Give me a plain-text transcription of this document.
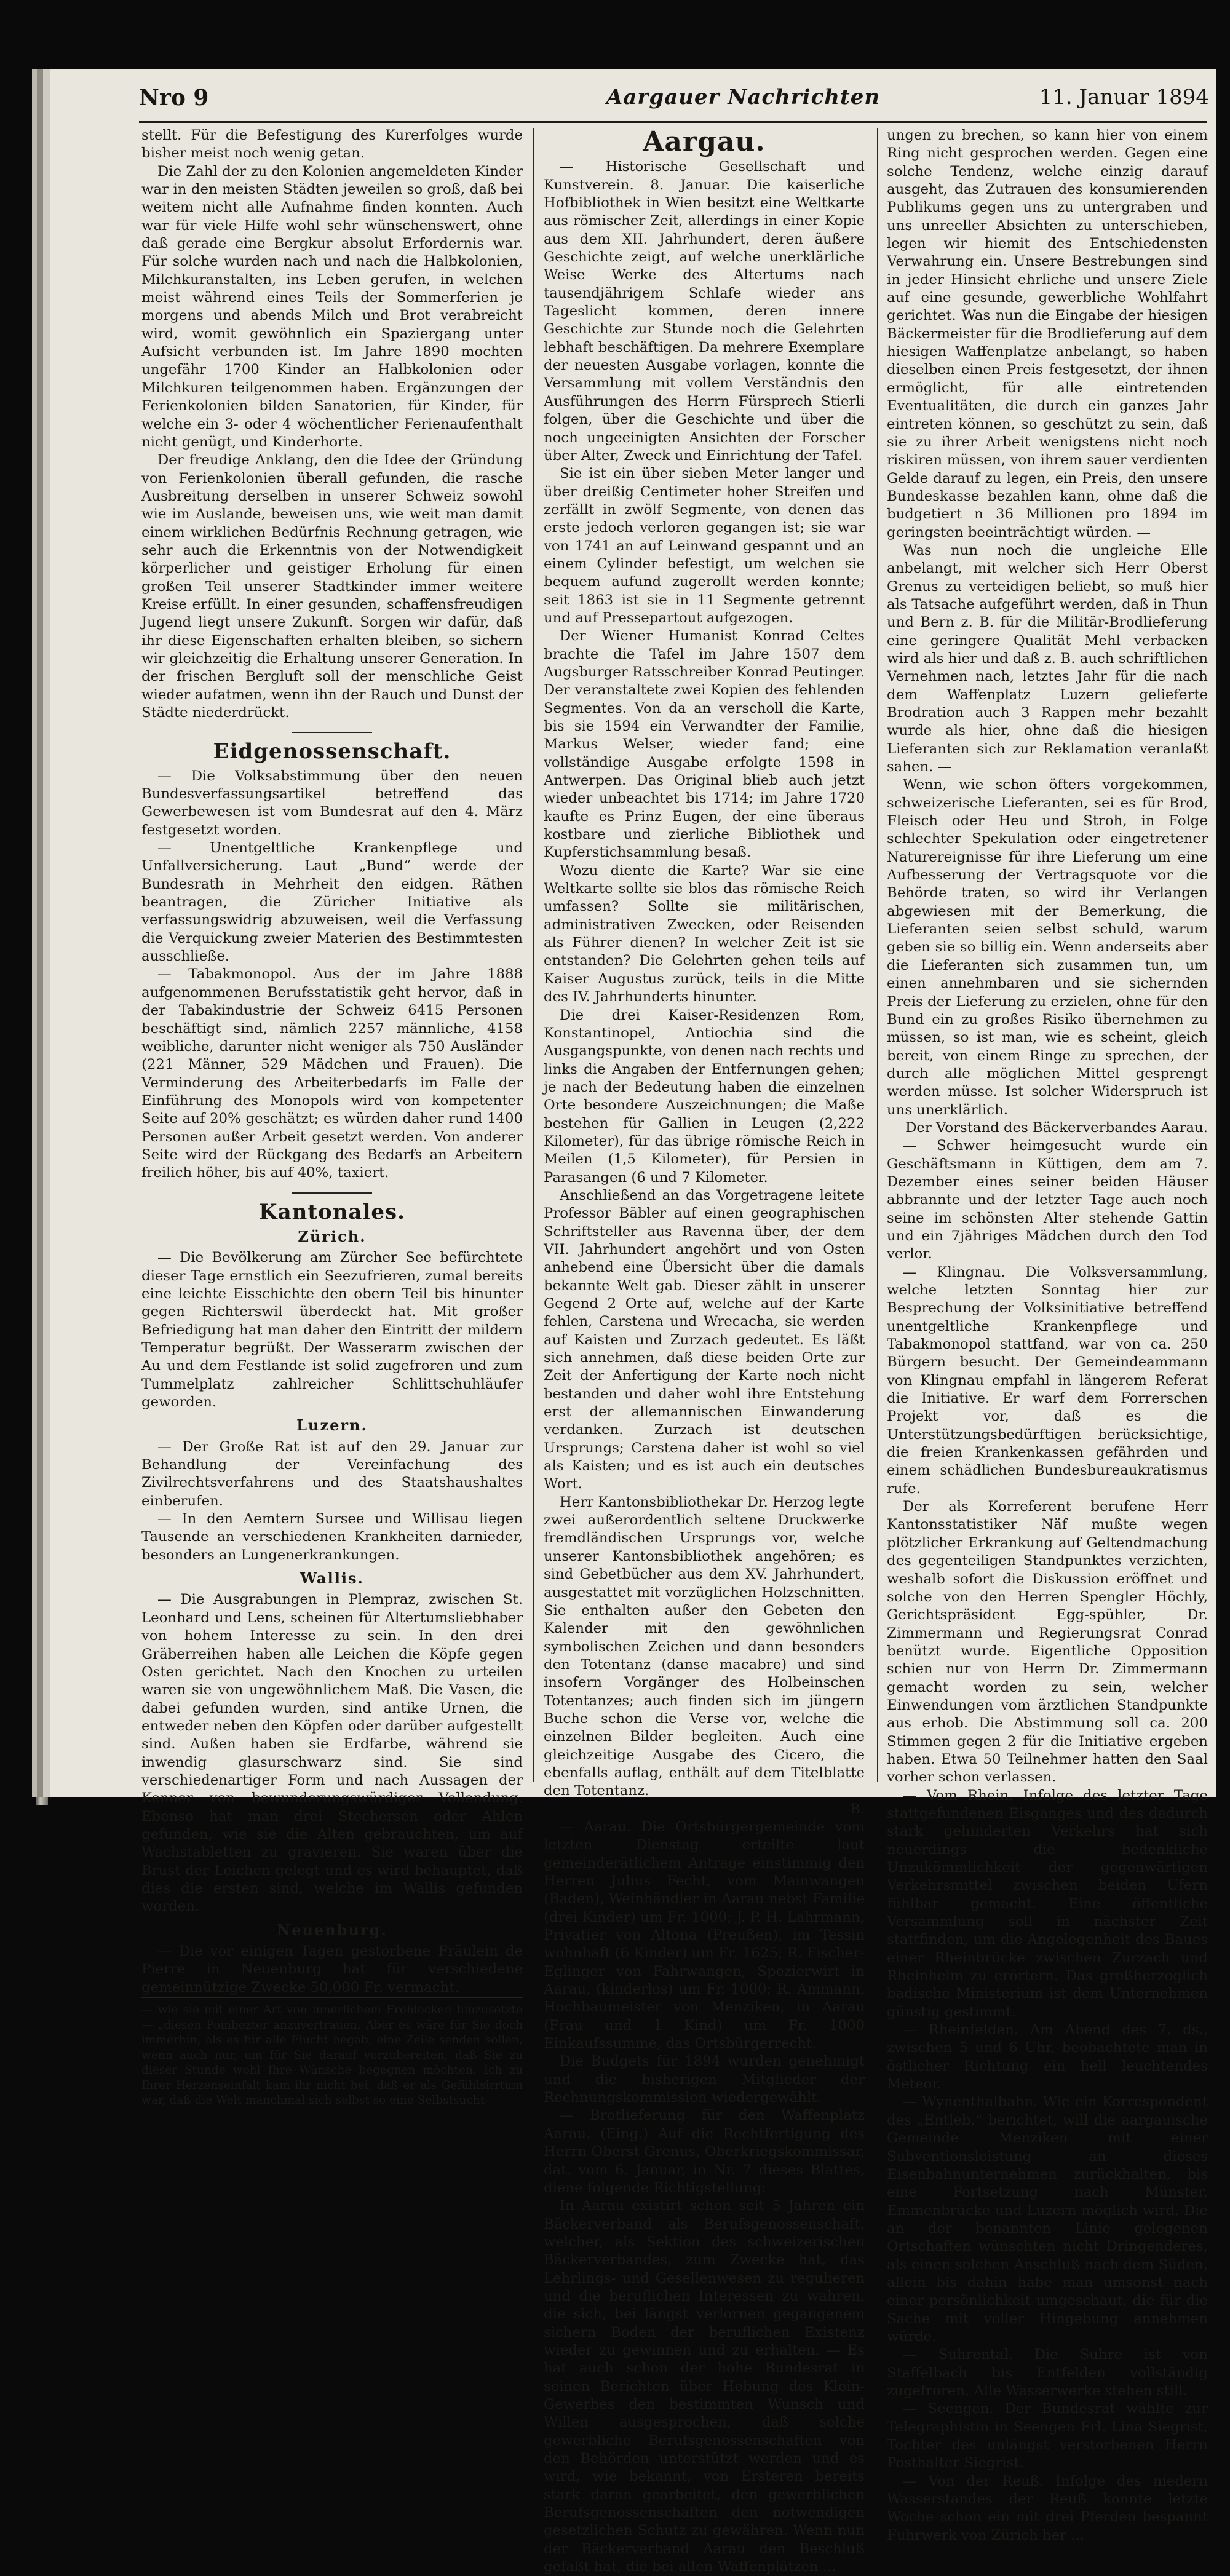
Nro 9	Aargauer Nachrichten	11. Januar 1894

stellt. Für die Befestigung des Kurerfolges wurde bisher meist noch wenig getan.

Die Zahl der zu den Kolonien angemeldeten Kinder war in den meisten Städten jeweilen so groß, daß bei weitem nicht alle Aufnahme finden konnten. Auch war für viele Hilfe wohl sehr wünschenswert, ohne daß gerade eine Bergkur absolut Erfordernis war. Für solche wurden nach und nach die Halbkolonien, Milchkuranstalten, ins Leben gerufen, in welchen meist während eines Teils der Sommerferien je morgens und abends Milch und Brot verabreicht wird, womit gewöhnlich ein Spaziergang unter Aufsicht verbunden ist. Im Jahre 1890 mochten ungefähr 1700 Kinder an Halbkolonien oder Milchkuren teilgenommen haben. Ergänzungen der Ferienkolonien bilden Sanatorien, für Kinder, für welche ein 3- oder 4 wöchentlicher Ferienaufenthalt nicht genügt, und Kinderhorte.

Der freudige Anklang, den die Idee der Gründung von Ferienkolonien überall gefunden, die rasche Ausbreitung derselben in unserer Schweiz sowohl wie im Auslande, beweisen uns, wie weit man damit einem wirklichen Bedürfnis Rechnung getragen, wie sehr auch die Erkenntnis von der Notwendigkeit körperlicher und geistiger Erholung für einen großen Teil unserer Stadtkinder immer weitere Kreise erfüllt. In einer gesunden, schaffensfreudigen Jugend liegt unsere Zukunft. Sorgen wir dafür, daß ihr diese Eigenschaften erhalten bleiben, so sichern wir gleichzeitig die Erhaltung unserer Generation. In der frischen Bergluft soll der menschliche Geist wieder aufatmen, wenn ihn der Rauch und Dunst der Städte niederdrückt.

Eidgenossenschaft.

— Die Volksabstimmung über den neuen Bundesverfassungsartikel betreffend das Gewerbewesen ist vom Bundesrat auf den 4. März festgesetzt worden.

— Unentgeltliche Krankenpflege und Unfallversicherung. Laut „Bund“ werde der Bundesrath in Mehrheit den eidgen. Räthen beantragen, die Züricher Initiative als verfassungswidrig abzuweisen, weil die Verfassung die Verquickung zweier Materien des Bestimmtesten ausschließe.

— Tabakmonopol. Aus der im Jahre 1888 aufgenommenen Berufsstatistik geht hervor, daß in der Tabakindustrie der Schweiz 6415 Personen beschäftigt sind, nämlich 2257 männliche, 4158 weibliche, darunter nicht weniger als 750 Ausländer (221 Männer, 529 Mädchen und Frauen). Die Verminderung des Arbeiterbedarfs im Falle der Einführung des Monopols wird von kompetenter Seite auf 20% geschätzt; es würden daher rund 1400 Personen außer Arbeit gesetzt werden. Von anderer Seite wird der Rückgang des Bedarfs an Arbeitern freilich höher, bis auf 40%, taxiert.

Kantonales.
Zürich.

— Die Bevölkerung am Zürcher See befürchtete dieser Tage ernstlich ein Seezufrieren, zumal bereits eine leichte Eisschichte den obern Teil bis hinunter gegen Richterswil überdeckt hat. Mit großer Befriedigung hat man daher den Eintritt der mildern Temperatur begrüßt. Der Wasserarm zwischen der Au und dem Festlande ist solid zugefroren und zum Tummelplatz zahlreicher Schlittschuhläufer geworden.

Luzern.

— Der Große Rat ist auf den 29. Januar zur Behandlung der Vereinfachung des Zivilrechtsverfahrens und des Staatshaushaltes einberufen.

— In den Aemtern Sursee und Willisau liegen Tausende an verschiedenen Krankheiten darnieder, besonders an Lungenerkrankungen.

Wallis.

— Die Ausgrabungen in Plempraz, zwischen St. Leonhard und Lens, scheinen für Altertumsliebhaber von hohem Interesse zu sein. In den drei Gräberreihen haben alle Leichen die Köpfe gegen Osten gerichtet. Nach den Knochen zu urteilen waren sie von ungewöhnlichem Maß. Die Vasen, die dabei gefunden wurden, sind antike Urnen, die entweder neben den Köpfen oder darüber aufgestellt sind. Außen haben sie Erdfarbe, während sie inwendig glasurschwarz sind. Sie sind verschiedenartiger Form und nach Aussagen der Kenner von bewunderungswürdiger Vollendung. Ebenso hat man drei Stechersen oder Ahlen gefunden, wie sie die Alten gebrauchten, um auf Wachstabletten zu gravieren. Sie waren über die Brust der Leichen gelegt und es wird behauptet, daß dies die ersten sind, welche im Wallis gefunden worden.

Neuenburg.

— Die vor einigen Tagen gestorbene Fräulein de Pierre in Neuenburg hat für verschiedene gemeinnützige Zwecke 50,000 Fr. vermacht.

— wie sie mit einer Art von innerlichem Frohlocken hinzusetzte — „diesen Poinbezter anzuvertrauen. Aber es wäre für Sie doch immerhin, als es für alle Flucht begab, eine Zeile senden sollen, wenn auch nur, um für Sie darauf vorzubereiten, daß Sie zu dieser Stunde wohl Ihre Wünsche begegnen möchten. Ich zu Ihrer Herzenseinfalt kam ihr nicht bei, daß er als Gefühlsirrtum war, daß die Welt manchmal sich selbst so eine Selbstsucht

Aargau.

— Historische Gesellschaft und Kunstverein. 8. Januar. Die kaiserliche Hofbibliothek in Wien besitzt eine Weltkarte aus römischer Zeit, allerdings in einer Kopie aus dem XII. Jahrhundert, deren äußere Geschichte zeigt, auf welche unerklärliche Weise Werke des Altertums nach tausendjährigem Schlafe wieder ans Tageslicht kommen, deren innere Geschichte zur Stunde noch die Gelehrten lebhaft beschäftigen. Da mehrere Exemplare der neuesten Ausgabe vorlagen, konnte die Versammlung mit vollem Verständnis den Ausführungen des Herrn Fürsprech Stierli folgen, über die Geschichte und über die noch ungeeinigten Ansichten der Forscher über Alter, Zweck und Einrichtung der Tafel.

Sie ist ein über sieben Meter langer und über dreißig Centimeter hoher Streifen und zerfällt in zwölf Segmente, von denen das erste jedoch verloren gegangen ist; sie war von 1741 an auf Leinwand gespannt und an einem Cylinder befestigt, um welchen sie bequem aufund zugerollt werden konnte; seit 1863 ist sie in 11 Segmente getrennt und auf Pressepartout aufgezogen.

Der Wiener Humanist Konrad Celtes brachte die Tafel im Jahre 1507 dem Augsburger Ratsschreiber Konrad Peutinger. Der veranstaltete zwei Kopien des fehlenden Segmentes. Von da an verscholl die Karte, bis sie 1594 ein Verwandter der Familie, Markus Welser, wieder fand; eine vollständige Ausgabe erfolgte 1598 in Antwerpen. Das Original blieb auch jetzt wieder unbeachtet bis 1714; im Jahre 1720 kaufte es Prinz Eugen, der eine überaus kostbare und zierliche Bibliothek und Kupferstichsammlung besaß.

Wozu diente die Karte? War sie eine Weltkarte sollte sie blos das römische Reich umfassen? Sollte sie militärischen, administrativen Zwecken, oder Reisenden als Führer dienen? In welcher Zeit ist sie entstanden? Die Gelehrten gehen teils auf Kaiser Augustus zurück, teils in die Mitte des IV. Jahrhunderts hinunter.

Die drei Kaiser-Residenzen Rom, Konstantinopel, Antiochia sind die Ausgangspunkte, von denen nach rechts und links die Angaben der Entfernungen gehen; je nach der Bedeutung haben die einzelnen Orte besondere Auszeichnungen; die Maße bestehen für Gallien in Leugen (2,222 Kilometer), für das übrige römische Reich in Meilen (1,5 Kilometer), für Persien in Parasangen (6 und 7 Kilometer.

Anschließend an das Vorgetragene leitete Professor Bäbler auf einen geographischen Schriftsteller aus Ravenna über, der dem VII. Jahrhundert angehört und von Osten anhebend eine Übersicht über die damals bekannte Welt gab. Dieser zählt in unserer Gegend 2 Orte auf, welche auf der Karte fehlen, Carstena und Wrecacha, sie werden auf Kaisten und Zurzach gedeutet. Es läßt sich annehmen, daß diese beiden Orte zur Zeit der Anfertigung der Karte noch nicht bestanden und daher wohl ihre Entstehung erst der allemannischen Einwanderung verdanken. Zurzach ist deutschen Ursprungs; Carstena daher ist wohl so viel als Kaisten; und es ist auch ein deutsches Wort.

Herr Kantonsbibliothekar Dr. Herzog legte zwei außerordentlich seltene Druckwerke fremdländischen Ursprungs vor, welche unserer Kantonsbibliothek angehören; es sind Gebetbücher aus dem XV. Jahrhundert, ausgestattet mit vorzüglichen Holzschnitten. Sie enthalten außer den Gebeten den Kalender mit den gewöhnlichen symbolischen Zeichen und dann besonders den Totentanz (danse macabre) und sind insofern Vorgänger des Holbeinschen Totentanzes; auch finden sich im jüngern Buche schon die Verse vor, welche die einzelnen Bilder begleiten. Auch eine gleichzeitige Ausgabe des Cicero, die ebenfalls auflag, enthält auf dem Titelblatte den Totentanz.

B.

— Aarau. Die Ortsbürgergemeinde vom letzten Dienstag erteilte laut gemeinderätlichem Antrage einstimmig den Herren Julius Fecht, vom Mainwangen (Baden), Weinhändler in Aarau nebst Familie (drei Kinder) um Fr. 1000; J. P. H. Lahrmann, Privatier von Altona (Preußen), im Tessin wohnhaft (6 Kinder) um Fr. 1625; R. Fischer-Eglinger von Fahrwangen, Spezierwirt in Aarau, (kinderlos) um Fr. 1000; R. Ammann, Hochbaumeister von Menziken, in Aarau (Frau und 1 Kind) um Fr. 1000 Einkaufssumme, das Ortsbürgerrecht.

Die Budgets für 1894 wurden genehmigt und die bisherigen Mitglieder der Rechnungskommission wiedergewählt.

— Brotlieferung für den Waffenplatz Aarau. (Eing.) Auf die Rechtfertigung des Herrn Oberst Grenus, Oberkriegskommissar, dat. vom 6. Januar, in Nr. 7 dieses Blattes, diene folgende Richtigstellung:

In Aarau existirt schon seit 5 Jahren ein Bäckerverband als Berufsgenossenschaft, welcher, als Sektion des schweizerischen Bäckerverbandes, zum Zwecke hat, das Lehrlings- und Gesellenwesen zu regulieren und die beruflichen Interessen zu wahren, die sich, bei längst verlornen gegangenem sichern Boden der beruflichen Existenz wieder zu gewinnen und zu erhalten. — Es hat auch schon der hohe Bundesrat in seinen Berichten über Hebung des Klein-Gewerbes den bestimmten Wunsch und Willen ausgesprochen, daß solche gewerbliche Berufsgenossenschaften von den Behörden unterstützt werden und es wird, wie bekannt, von Ersteren bereits stark daran gearbeitet, den gewerblichen Berufsgenossenschaften den notwendigen gesetzlichen Schutz zu gewähren. Wenn nun der Bäckerverband Aarau den Beschluß gefaßt hat, die bei allen Waffenplätzen ...

ungen zu brechen, so kann hier von einem Ring nicht gesprochen werden. Gegen eine solche Tendenz, welche einzig darauf ausgeht, das Zutrauen des konsumierenden Publikums gegen uns zu untergraben und uns unreeller Absichten zu unterschieben, legen wir hiemit des Entschiedensten Verwahrung ein. Unsere Bestrebungen sind in jeder Hinsicht ehrliche und unsere Ziele auf eine gesunde, gewerbliche Wohlfahrt gerichtet. Was nun die Eingabe der hiesigen Bäckermeister für die Brodlieferung auf dem hiesigen Waffenplatze anbelangt, so haben dieselben einen Preis festgesetzt, der ihnen ermöglicht, für alle eintretenden Eventualitäten, die durch ein ganzes Jahr eintreten können, so geschützt zu sein, daß sie zu ihrer Arbeit wenigstens nicht noch riskiren müssen, von ihrem sauer verdienten Gelde darauf zu legen, ein Preis, den unsere Bundeskasse bezahlen kann, ohne daß die budgetiert n 36 Millionen pro 1894 im geringsten beeinträchtigt würden. —

Was nun noch die ungleiche Elle anbelangt, mit welcher sich Herr Oberst Grenus zu verteidigen beliebt, so muß hier als Tatsache aufgeführt werden, daß in Thun und Bern z. B. für die Militär-Brodlieferung eine geringere Qualität Mehl verbacken wird als hier und daß z. B. auch schriftlichen Vernehmen nach, letztes Jahr für die nach dem Waffenplatz Luzern gelieferte Brodration auch 3 Rappen mehr bezahlt wurde als hier, ohne daß die hiesigen Lieferanten sich zur Reklamation veranlaßt sahen. —

Wenn, wie schon öfters vorgekommen, schweizerische Lieferanten, sei es für Brod, Fleisch oder Heu und Stroh, in Folge schlechter Spekulation oder eingetretener Naturereignisse für ihre Lieferung um eine Aufbesserung der Vertragsquote vor die Behörde traten, so wird ihr Verlangen abgewiesen mit der Bemerkung, die Lieferanten seien selbst schuld, warum geben sie so billig ein. Wenn anderseits aber die Lieferanten sich zusammen tun, um einen annehmbaren und sie sichernden Preis der Lieferung zu erzielen, ohne für den Bund ein zu großes Risiko übernehmen zu müssen, so ist man, wie es scheint, gleich bereit, von einem Ringe zu sprechen, der durch alle möglichen Mittel gesprengt werden müsse. Ist solcher Widerspruch ist uns unerklärlich.

Der Vorstand des Bäckerverbandes Aarau.

— Schwer heimgesucht wurde ein Geschäftsmann in Küttigen, dem am 7. Dezember eines seiner beiden Häuser abbrannte und der letzter Tage auch noch seine im schönsten Alter stehende Gattin und ein 7jähriges Mädchen durch den Tod verlor.

— Klingnau. Die Volksversammlung, welche letzten Sonntag hier zur Besprechung der Volksinitiative betreffend unentgeltliche Krankenpflege und Tabakmonopol stattfand, war von ca. 250 Bürgern besucht. Der Gemeindeammann von Klingnau empfahl in längerem Referat die Initiative. Er warf dem Forrerschen Projekt vor, daß es die Unterstützungsbedürftigen berücksichtige, die freien Krankenkassen gefährden und einem schädlichen Bundesbureaukratismus rufe.

Der als Korreferent berufene Herr Kantonsstatistiker Näf mußte wegen plötzlicher Erkrankung auf Geltendmachung des gegenteiligen Standpunktes verzichten, weshalb sofort die Diskussion eröffnet und solche von den Herren Spengler Höchly, Gerichtspräsident Egg-spühler, Dr. Zimmermann und Regierungsrat Conrad benützt wurde. Eigentliche Opposition schien nur von Herrn Dr. Zimmermann gemacht worden zu sein, welcher Einwendungen vom ärztlichen Standpunkte aus erhob. Die Abstimmung soll ca. 200 Stimmen gegen 2 für die Initiative ergeben haben. Etwa 50 Teilnehmer hatten den Saal vorher schon verlassen.

— Vom Rhein. Infolge des letzter Tage stattgefundenen Eisganges und des dadurch stark gehinderten Verkehrs hat sich neuerdings die bedenkliche Unzukömmlichkeit der gegenwärtigen Verkehrsmittel zwischen beiden Ufern fühlbar gemacht. Eine öffentliche Versammlung soll in nächster Zeit stattfinden, um die Angelegenheit des Baues einer Rheinbrücke zwischen Zurzach und Rheinheim zu erörtern. Das großherzoglich badische Ministerium ist dem Unternehmen günstig gestimmt.

— Rheinfelden. Am Abend des 7. ds., zwischen 5 und 6 Uhr, beobachtete man in östlicher Richtung ein hell leuchtendes Meteor.

— Wynenthalbahn. Wie ein Korrespondent des „Entleb.“ berichtet, will die aargauische Gemeinde Menziken mit einer Subventionsleistung an dieses Eisenbahnunternehmen zurückhalten, bis eine Fortsetzung nach Münster, Emmenbrücke und Luzern möglich wird. Die an der benannten Linie gelegenen Ortschaften wünschten nicht Dringenderes, als einen solchen Anschluß nach dem Süden, allein bis dahin habe man umsonst nach einer persönlichkeit umgeschaut, die für die Sache mit voller Hingebung annehmen würde.

— Suhrental. Die Suhre ist von Staffelbach bis Entfelden vollständig zugefroren. Alle Wasserwerke stehen still.

— Seengen. Der Bundesrat wählte zur Telegraphistin in Seengen Frl. Lina Siegrist, Tochter des unlängst verstorbenen Herrn Posthalter Siegrist.

— Von der Reuß. Infolge des niedern Wasserstandes der Reuß konnte letzte Woche schon ein mit drei Pferden bespannt Fuhrwerk von Zürich her ...
